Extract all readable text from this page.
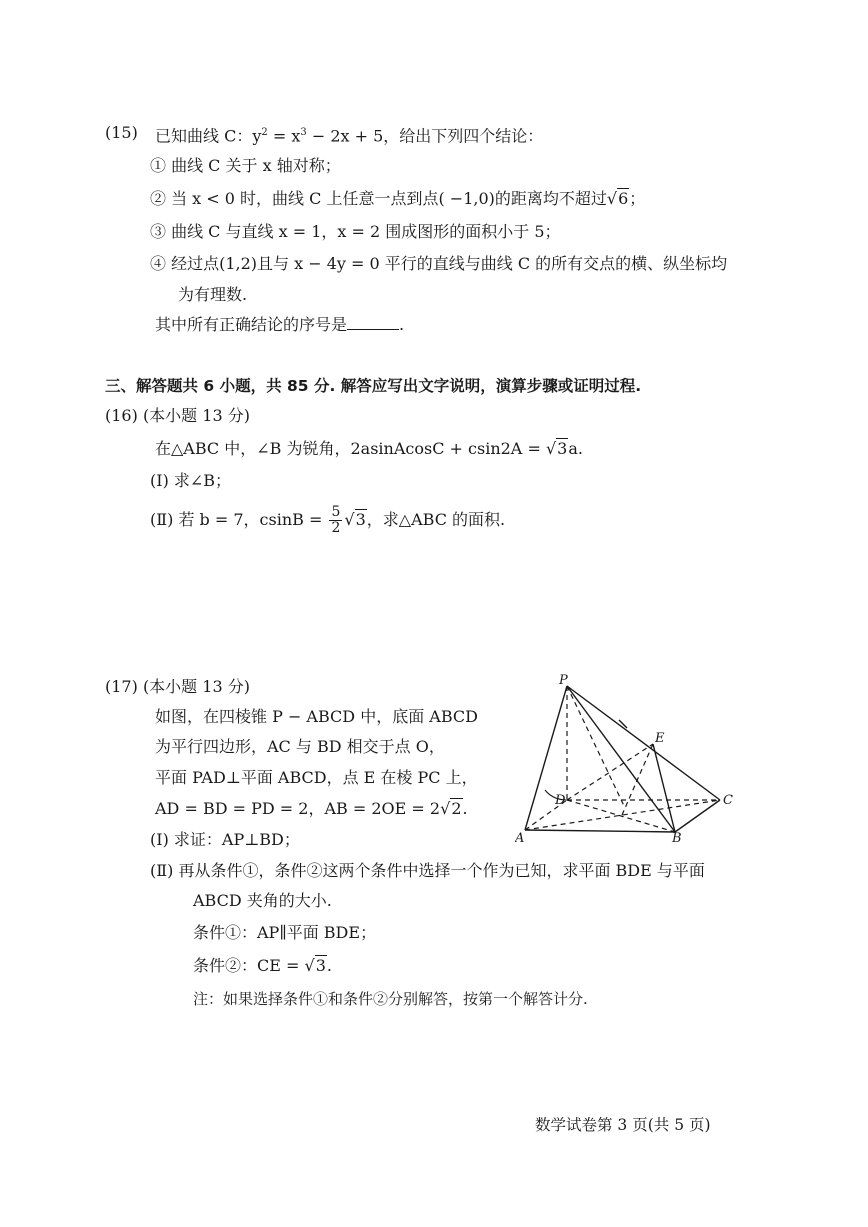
(15) 已知曲线 C：$y^2 = x^3 - 2x + 5$，给出下列四个结论：
① 曲线 C 关于 x 轴对称；
② 当 x < 0 时，曲线 C 上任意一点到点( −1,0)的距离均不超过√6；
③ 曲线 C 与直线 x = 1，x = 2 围成图形的面积小于 5；
④ 经过点(1,2)且与 x − 4y = 0 平行的直线与曲线 C 的所有交点的横、纵坐标均
为有理数.
其中所有正确结论的序号是	.
三、解答题共 6 小题，共 85 分. 解答应写出文字说明，演算步骤或证明过程.
(16) (本小题 13 分)
在△ABC 中，∠B 为锐角，2asinAcosC + csin2A = √3a.
(Ⅰ) 求∠B；
(Ⅱ) 若 b = 7，$csinB = \frac{5}{2} √3$，求△ABC 的面积.
(17) (本小题 13 分)
如图，在四棱锥 P − ABCD 中，底面 ABCD
为平行四边形，AC 与 BD 相交于点 O，
平面 PAD⊥平面 ABCD，点 E 在棱 PC 上，
AD = BD = PD = 2，AB = 2OE = 2√2.
(Ⅰ) 求证：AP⊥BD；
(Ⅱ) 再从条件①，条件②这两个条件中选择一个作为已知，求平面 BDE 与平面
ABCD 夹角的大小.
条件①：AP∥平面 BDE；
条件②：CE = √3.
注：如果选择条件①和条件②分别解答，按第一个解答计分.
P
E
D	C
A	B
数学试卷第 3 页(共 5 页)
